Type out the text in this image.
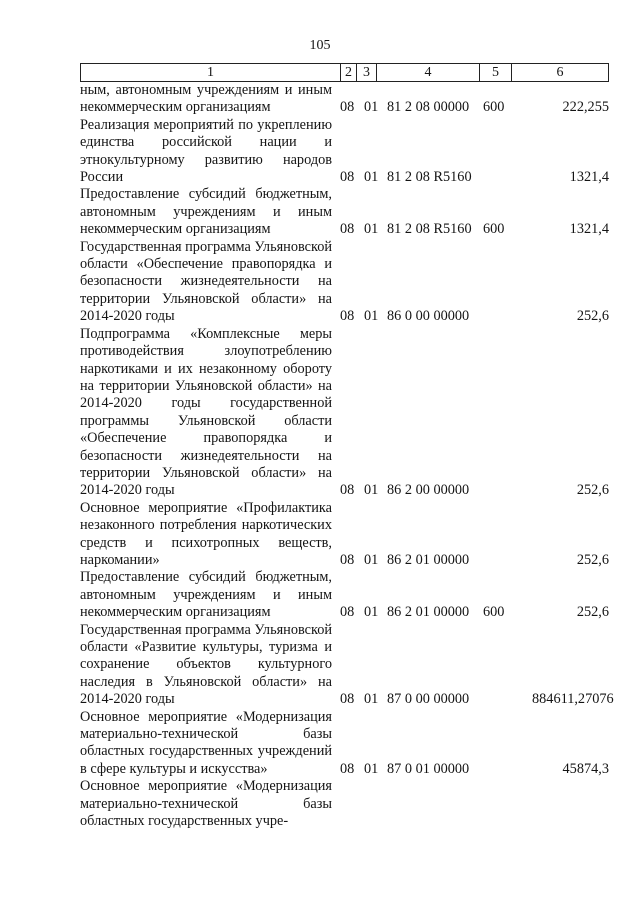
105
1	2 3	4	5	6
ным, автономным учреждениям и иным некоммерческим организациям	08 01 81 2 08 00000 600	222,255
Реализация мероприятий по укреплению единства российской нации и этнокультурному развитию народов России	08 01 81 2 08 R5160	1321,4
Предоставление субсидий бюджетным, автономным учреждениям и иным некоммерческим организациям	08 01 81 2 08 R5160 600	1321,4
Государственная программа Ульяновской области «Обеспечение правопорядка и безопасности жизнедеятельности на территории Ульяновской области» на 2014-2020 годы	08 01 86 0 00 00000	252,6
Подпрограмма «Комплексные меры противодействия злоупотреблению наркотиками и их незаконному обороту на территории Ульяновской области» на 2014-2020 годы государственной программы Ульяновской области «Обеспечение правопорядка и безопасности жизнедеятельности на территории Ульяновской области» на 2014-2020 годы	08 01 86 2 00 00000	252,6
Основное мероприятие «Профилактика незаконного потребления наркотических средств и психотропных веществ, наркомании»	08 01 86 2 01 00000	252,6
Предоставление субсидий бюджетным, автономным учреждениям и иным некоммерческим организациям	08 01 86 2 01 00000 600	252,6
Государственная программа Ульяновской области «Развитие культуры, туризма и сохранение объектов культурного наследия в Ульяновской области» на 2014-2020 годы	08 01 87 0 00 00000	884611,27076
Основное мероприятие «Модернизация материально-технической базы областных государственных учреждений в сфере культуры и искусства»	08 01 87 0 01 00000	45874,3
Основное мероприятие «Модернизация материально-технической базы областных государственных учре-
